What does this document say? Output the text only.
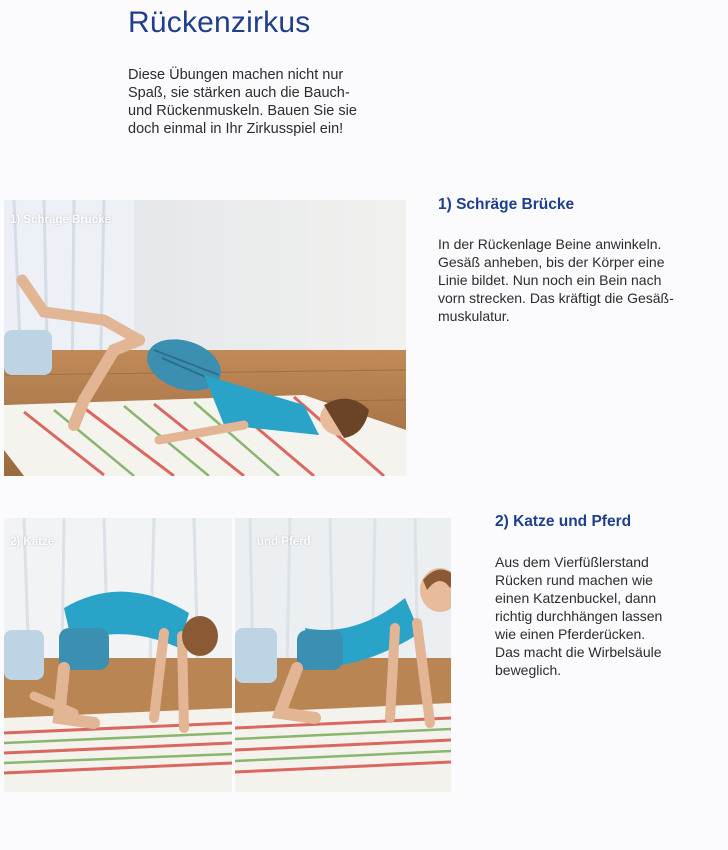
Rückenzirkus
Diese Übungen machen nicht nur
Spaß, sie stärken auch die Bauch-
und Rückenmuskeln. Bauen Sie sie
doch einmal in Ihr Zirkusspiel ein!
1) Schräge Brücke
1) Schräge Brücke
In der Rückenlage Beine anwinkeln.
Gesäß anheben, bis der Körper eine
Linie bildet. Nun noch ein Bein nach
vorn strecken. Das kräftigt die Gesäß-
muskulatur.
2) Katze	und Pferd
2) Katze und Pferd
Aus dem Vierfüßlerstand
Rücken rund machen wie
einen Katzenbuckel, dann
richtig durchhängen lassen
wie einen Pferderücken.
Das macht die Wirbelsäule
beweglich.
